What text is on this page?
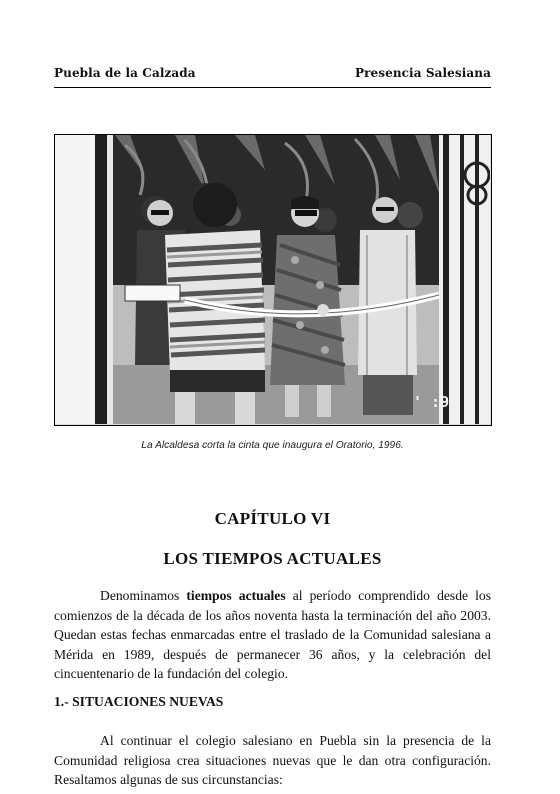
Puebla de la Calzada	Presencia Salesiana
' :94
La Alcaldesa corta la cinta que inaugura el Oratorio, 1996.
CAPÍTULO VI
LOS TIEMPOS ACTUALES

Denominamos tiempos actuales al período comprendido desde los comienzos de la década de los años noventa hasta la terminación del año 2003. Quedan estas fechas enmarcadas entre el traslado de la Comunidad salesiana a Mérida en 1989, después de permanecer 36 años, y la celebración del cincuentenario de la fundación del colegio.

1.- SITUACIONES NUEVAS

Al continuar el colegio salesiano en Puebla sin la presencia de la Comunidad religiosa crea situaciones nuevas que le dan otra configuración. Resaltamos algunas de sus circunstancias:
